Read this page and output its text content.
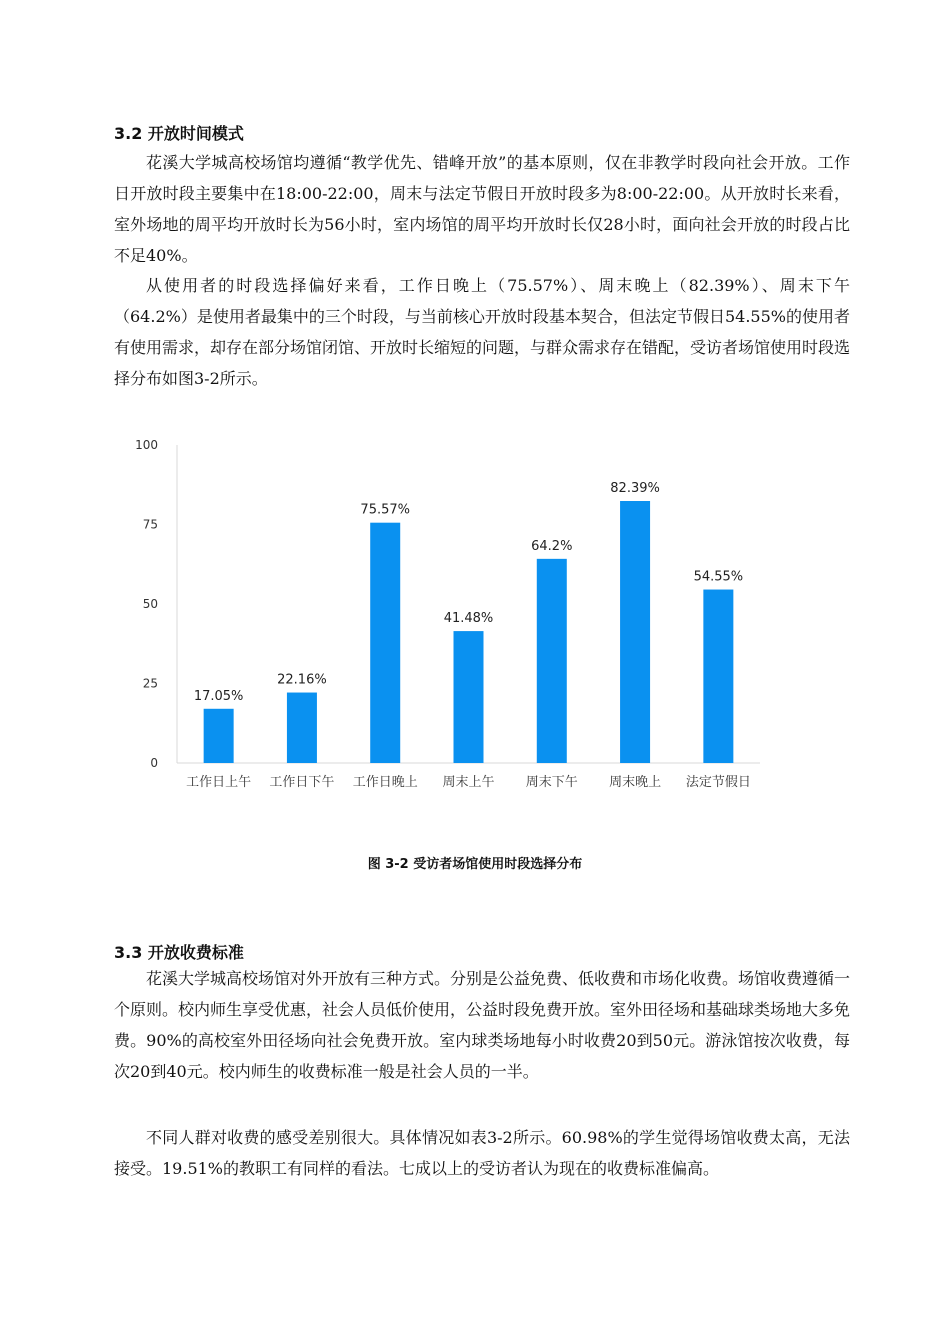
3.2 开放时间模式

花溪大学城高校场馆均遵循“教学优先、错峰开放”的基本原则，仅在非教学时段向社会开放。工作日开放时段主要集中在18:00-22:00，周末与法定节假日开放时段多为8:00-22:00。从开放时长来看，室外场地的周平均开放时长为56小时，室内场馆的周平均开放时长仅28小时，面向社会开放的时段占比不足40%。

从使用者的时段选择偏好来看，工作日晚上（75.57%）、周末晚上（82.39%）、周末下午（64.2%）是使用者最集中的三个时段，与当前核心开放时段基本契合，但法定节假日54.55%的使用者有使用需求，却存在部分场馆闭馆、开放时长缩短的问题，与群众需求存在错配，受访者场馆使用时段选择分布如图3-2所示。

0
25
50
75
100
17.05%
22.16%
75.57%
41.48%
64.2%
82.39%
54.55%
工作日上午 工作日下午 工作日晚上 周末上午 周末下午 周末晚上 法定节假日
图 3-2 受访者场馆使用时段选择分布
3.3 开放收费标准

花溪大学城高校场馆对外开放有三种方式。分别是公益免费、低收费和市场化收费。场馆收费遵循一个原则。校内师生享受优惠，社会人员低价使用，公益时段免费开放。室外田径场和基础球类场地大多免费。90%的高校室外田径场向社会免费开放。室内球类场地每小时收费20到50元。游泳馆按次收费，每次20到40元。校内师生的收费标准一般是社会人员的一半。

不同人群对收费的感受差别很大。具体情况如表3-2所示。60.98%的学生觉得场馆收费太高，无法接受。19.51%的教职工有同样的看法。七成以上的受访者认为现在的收费标准偏高。
